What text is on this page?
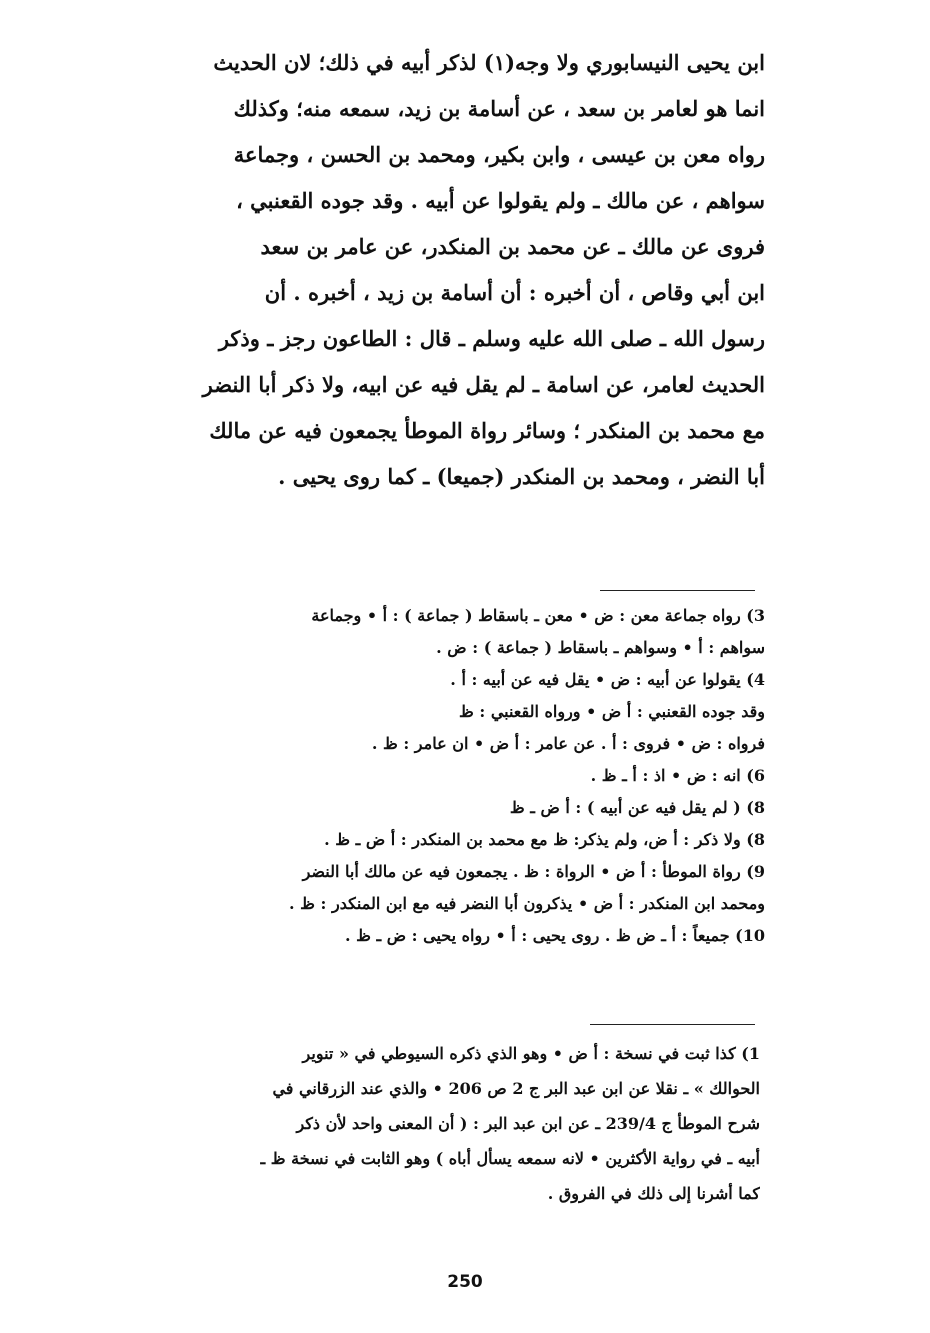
ابن يحيى النيسابوري ولا وجه(١) لذكر أبيه في ذلك؛ لان الحديث
انما هو لعامر بن سعد ، عن أسامة بن زيد، سمعه منه؛ وكذلك
رواه معن بن عيسى ، وابن بكير، ومحمد بن الحسن ، وجماعة
سواهم ، عن مالك ـ ولم يقولوا عن أبيه . وقد جوده القعنبي ،
فروى عن مالك ـ عن محمد بن المنكدر، عن عامر بن سعد
ابن أبي وقاص ، أن أخبره : أن أسامة بن زيد ، أخبره . أن
رسول الله ـ صلى الله عليه وسلم ـ قال : الطاعون رجز ـ وذكر
الحديث لعامر، عن اسامة ـ لم يقل فيه عن ابيه، ولا ذكر أبا النضر
مع محمد بن المنكدر ؛ وسائر رواة الموطأ يجمعون فيه عن مالك
أبا النضر ، ومحمد بن المنكدر (جميعا) ـ كما روى يحيى .
3) رواه جماعة معن : ض • معن ـ باسقاط ( جماعة ) : أ • وجماعة
سواهم : أ • وسواهم ـ باسقاط ( جماعة ) : ض .
4) يقولوا عن أبيه : ض • يقل فيه عن أبيه : أ .
وقد جوده القعنبي : أ ض • ورواه القعنبي : ظ
فرواه : ض • فروى : أ . عن عامر : أ ض • ان عامر : ظ .
6) انه : ض • اذ : أ ـ ظ .
8) ( لم يقل فيه عن أبيه ) : أ ض ـ ظ
8) ولا ذكر : أ ض، ولم يذكر: ظ مع محمد بن المنكدر : أ ض ـ ظ .
9) رواة الموطأ : أ ض • الرواة : ظ . يجمعون فيه عن مالك أبا النضر
ومحمد ابن المنكدر : أ ض • يذكرون أبا النضر فيه مع ابن المنكدر : ظ .
10) جميعاً : أ ـ ض ظ . روى يحيى : أ • رواه يحيى : ض ـ ظ .
1) كذا ثبت في نسخة : أ ض • وهو الذي ذكره السيوطي في « تنوير
الحوالك » ـ نقلا عن ابن عبد البر ج 2 ص 206 • والذي عند الزرقاني في
شرح الموطأ ج 239/4 ـ عن ابن عبد البر : ( أن المعنى واحد لأن ذكر
أبيه ـ في رواية الأكثرين • لانه سمعه يسأل أباه ) وهو الثابت في نسخة ظ ـ
كما أشرنا إلى ذلك في الفروق .
250
